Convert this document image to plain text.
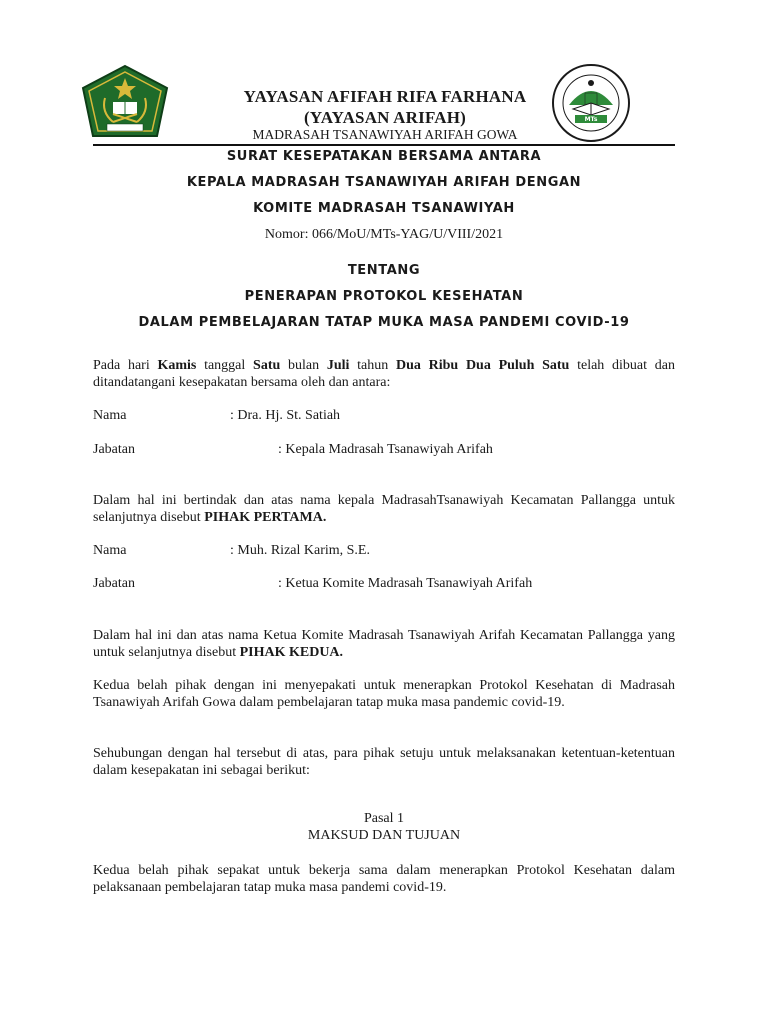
MTs ARIFAH
YAYASAN AFIFAH RIFA FARHANA
(YAYASAN ARIFAH)
MADRASAH TSANAWIYAH ARIFAH GOWA
SURAT KESEPATAKAN BERSAMA ANTARA
KEPALA MADRASAH TSANAWIYAH ARIFAH DENGAN
KOMITE MADRASAH TSANAWIYAH
Nomor: 066/MoU/MTs-YAG/U/VIII/2021
TENTANG
PENERAPAN PROTOKOL KESEHATAN
DALAM PEMBELAJARAN TATAP MUKA MASA PANDEMI COVID-19
Pada hari Kamis tanggal Satu bulan Juli tahun Dua Ribu Dua Puluh Satu telah dibuat dan ditandatangani kesepakatan bersama oleh dan antara:
Nama	: Dra. Hj. St. Satiah
Jabatan	: Kepala Madrasah Tsanawiyah Arifah
Dalam hal ini bertindak dan atas nama kepala MadrasahTsanawiyah Kecamatan Pallangga untuk selanjutnya disebut PIHAK PERTAMA.
Nama	: Muh. Rizal Karim, S.E.
Jabatan	: Ketua Komite Madrasah Tsanawiyah Arifah
Dalam hal ini dan atas nama Ketua Komite Madrasah Tsanawiyah Arifah Kecamatan Pallangga yang untuk selanjutnya disebut PIHAK KEDUA.
Kedua belah pihak dengan ini menyepakati untuk menerapkan Protokol Kesehatan di Madrasah Tsanawiyah Arifah Gowa dalam pembelajaran tatap muka masa pandemic covid-19.
Sehubungan dengan hal tersebut di atas, para pihak setuju untuk melaksanakan ketentuan-ketentuan dalam kesepakatan ini sebagai berikut:
Pasal 1
MAKSUD DAN TUJUAN
Kedua belah pihak sepakat untuk bekerja sama dalam menerapkan Protokol Kesehatan dalam pelaksanaan pembelajaran tatap muka masa pandemi covid-19.
